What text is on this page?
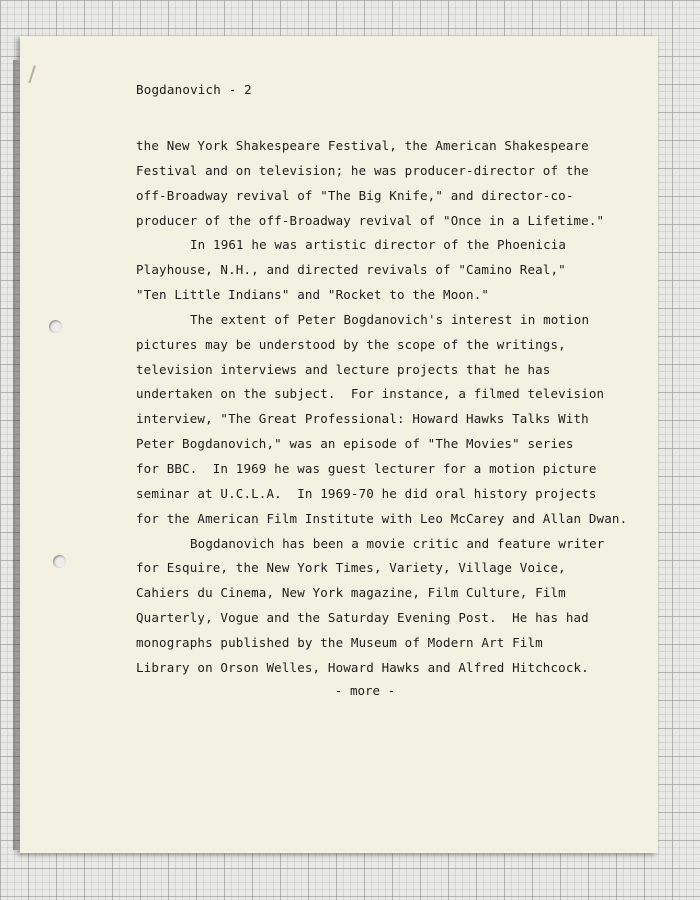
Bogdanovich - 2
the New York Shakespeare Festival, the American Shakespeare
Festival and on television; he was producer-director of the
off-Broadway revival of "The Big Knife," and director-co-
producer of the off-Broadway revival of "Once in a Lifetime."
In 1961 he was artistic director of the Phoenicia
Playhouse, N.H., and directed revivals of "Camino Real,"
"Ten Little Indians" and "Rocket to the Moon."
The extent of Peter Bogdanovich's interest in motion
pictures may be understood by the scope of the writings,
television interviews and lecture projects that he has
undertaken on the subject.  For instance, a filmed television
interview, "The Great Professional: Howard Hawks Talks With
Peter Bogdanovich," was an episode of "The Movies" series
for BBC.  In 1969 he was guest lecturer for a motion picture
seminar at U.C.L.A.  In 1969-70 he did oral history projects
for the American Film Institute with Leo McCarey and Allan Dwan.
Bogdanovich has been a movie critic and feature writer
for Esquire, the New York Times, Variety, Village Voice,
Cahiers du Cinema, New York magazine, Film Culture, Film
Quarterly, Vogue and the Saturday Evening Post.  He has had
monographs published by the Museum of Modern Art Film
Library on Orson Welles, Howard Hawks and Alfred Hitchcock.
- more -
